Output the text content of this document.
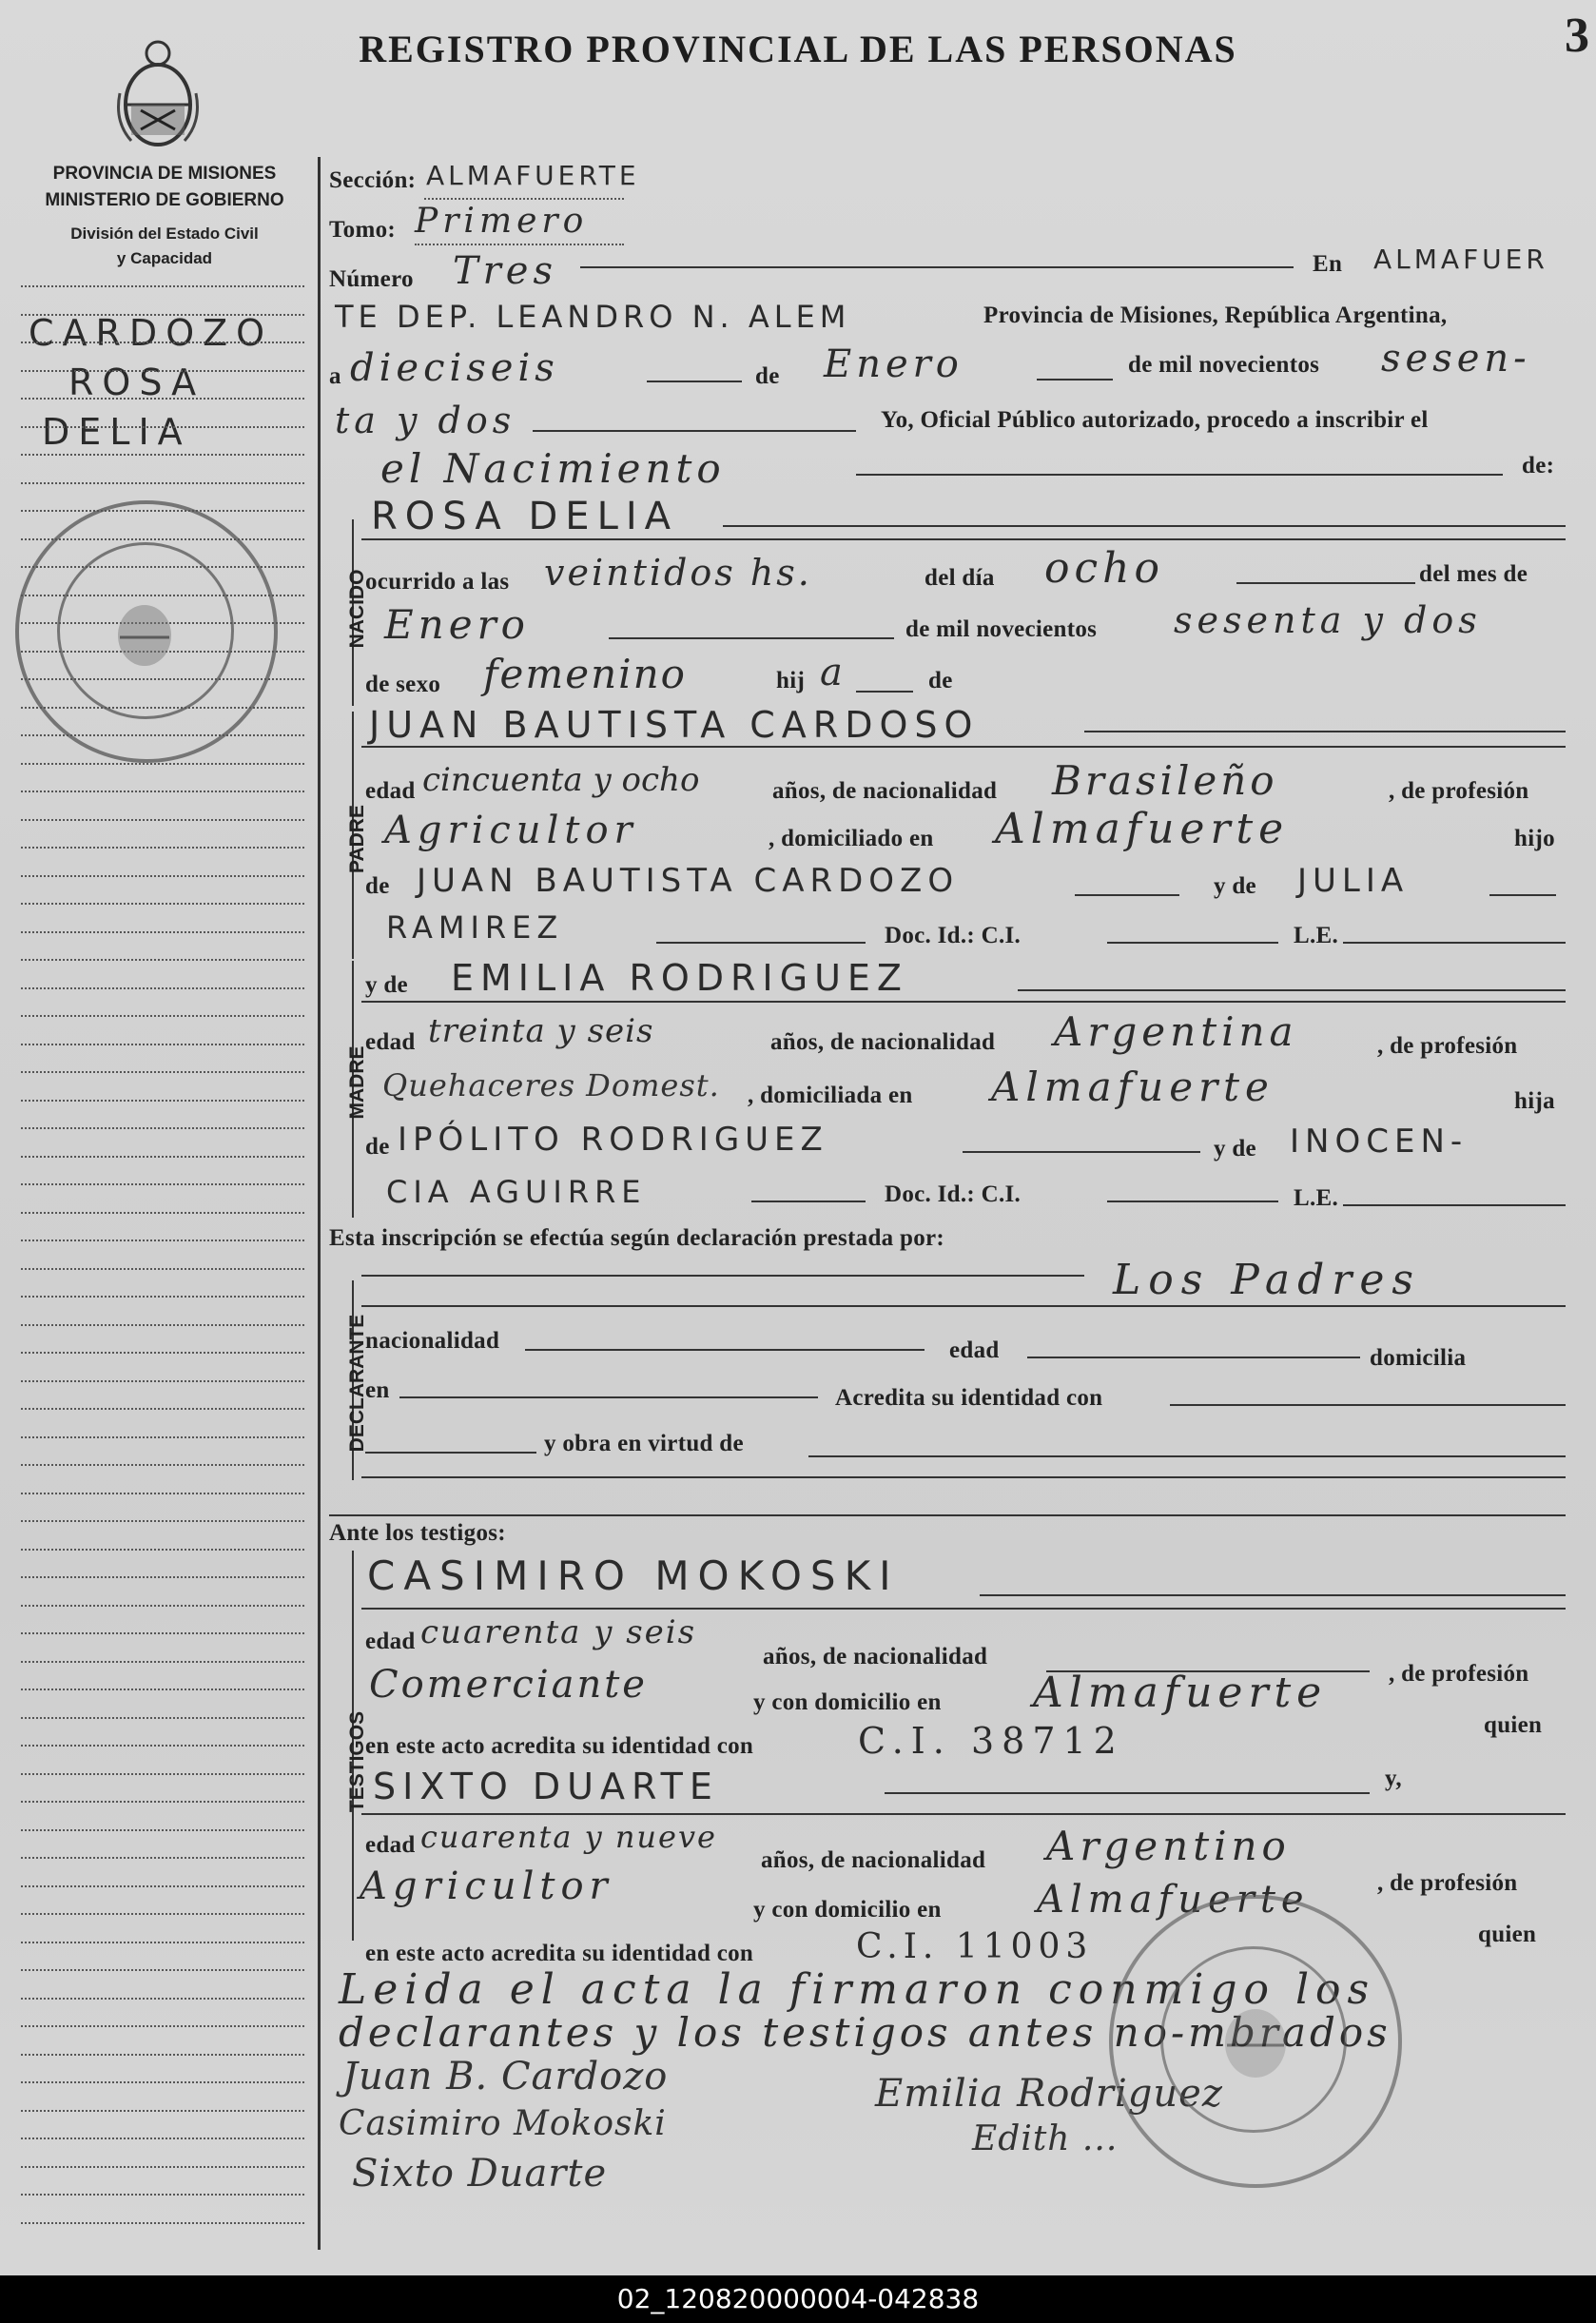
REGISTRO PROVINCIAL DE LAS PERSONAS	3
PROVINCIA DE MISIONES
MINISTERIO DE GOBIERNO
División del Estado Civil
y Capacidad
CARDOZO
ROSA
DELIA
Sección: ALMAFUERTE
Tomo: Primero
Número Tres	En ALMAFUER
TE DEP. LEANDRO N. ALEM	Provincia de Misiones, República Argentina,
a dieciseis	de Enero	de mil novecientos sesen-
ta y dos	Yo, Oficial Público autorizado, procedo a inscribir el
el Nacimiento	de:
NACIDO
ROSA DELIA
ocurrido a las veintidos hs.	del día ocho	del mes de
Enero	de mil novecientos sesenta y dos
de sexo femenino	hij a	de
PADRE
JUAN BAUTISTA CARDOSO
edad cincuenta y ocho	años, de nacionalidad Brasileño	, de profesión
Agricultor	, domiciliado en Almafuerte	hijo
de JUAN BAUTISTA CARDOZO	y de JULIA
RAMIREZ	Doc. Id.: C.I.	L.E.
MADRE
y de EMILIA RODRIGUEZ
edad treinta y seis	años, de nacionalidad Argentina	, de profesión
Quehaceres Domest. , domiciliada en Almafuerte	hija
de IPÓLITO RODRIGUEZ	y de INOCEN-
CIA AGUIRRE	Doc. Id.: C.I.	L.E.
Esta inscripción se efectúa según declaración prestada por:
Los Padres
DECLARANTE
nacionalidad	edad	domicilia
en	Acredita su identidad con
y obra en virtud de
Ante los testigos:
TESTIGOS
CASIMIRO MOKOSKI
edad cuarenta y seis
años, de nacionalidad
, de profesión
Comerciante	y con domicilio en Almafuerte
quien
en este acto acredita su identidad con	C.I. 38712
SIXTO DUARTE	y,
edad cuarenta y nueve
años, de nacionalidad Argentino
, de profesión
Agricultor
y con domicilio en	Almafuerte
quien
en este acto acredita su identidad con	C.I. 11003
Leida el acta la firmaron conmigo los
declarantes y los testigos antes no-mbrados
Juan B. Cardozo	Emilia Rodriguez
Casimiro Mokoski	Edith ...
Sixto Duarte
02_120820000004-042838
